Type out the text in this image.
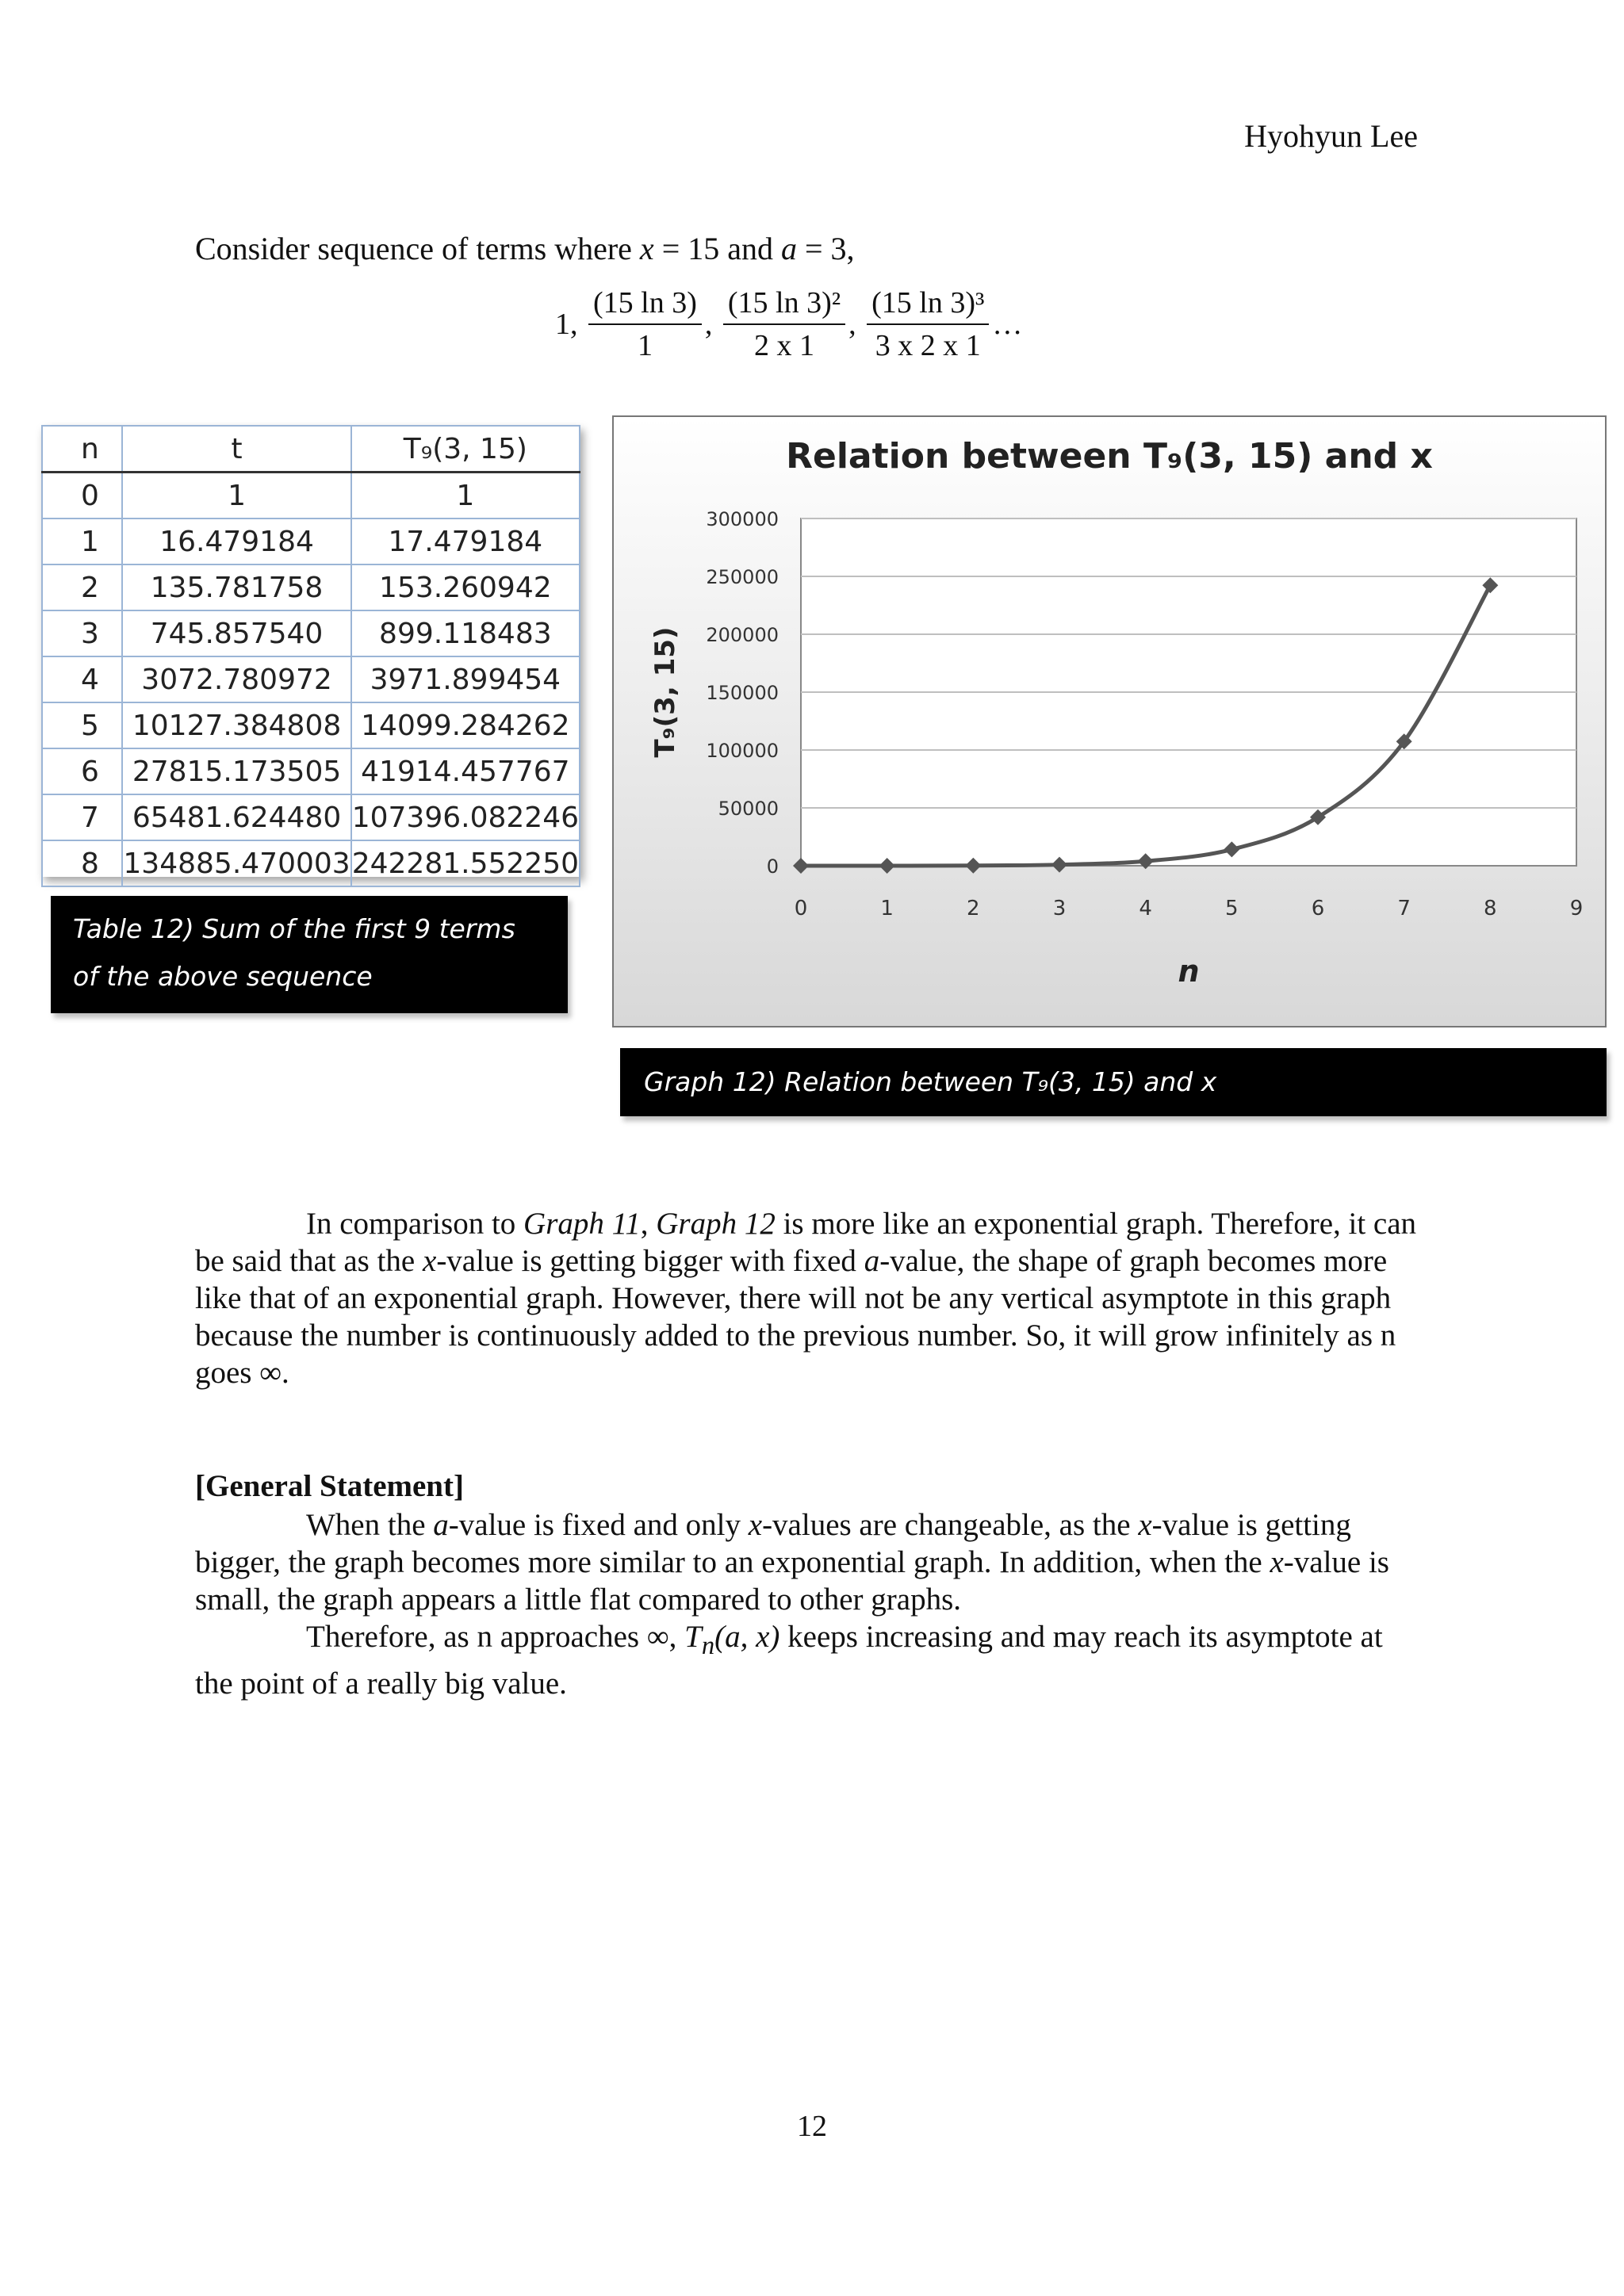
Hyohyun Lee
Consider sequence of terms where x = 15 and a = 3,
1, $\frac{(15 \ln 3)}{1}$ , $\frac{\text{(15 ln 3)²}}{2 x 1}$ , $\frac{\text{(15 ln 3)³}}{3 x 2 x 1}$ …
n	t	T₉(3, 15)
0	1	1
1	16.479184	17.479184
2	135.781758	153.260942
3	745.857540	899.118483
4	3072.780972	3971.899454
5	10127.384808	14099.284262
6	27815.173505	41914.457767
7	65481.624480	107396.082246
8	134885.470003	242281.552250
Table 12) Sum of the first 9 terms of the above sequence
Relation between T₉(3, 15) and x
0
50000
100000
150000
200000
250000
300000
0	1	2	3	4	5	6	7	8	9
n
T₉(3, 15)
Graph 12) Relation between T₉(3, 15) and x
In comparison to Graph 11, Graph 12 is more like an exponential graph. Therefore, it can be said that as the x-value is getting bigger with fixed a-value, the shape of graph becomes more like that of an exponential graph. However, there will not be any vertical asymptote in this graph because the number is continuously added to the previous number. So, it will grow infinitely as n goes ∞.
[General Statement]
When the a-value is fixed and only x-values are changeable, as the x-value is getting bigger, the graph becomes more similar to an exponential graph. In addition, when the x-value is small, the graph appears a little flat compared to other graphs.
Therefore, as n approaches ∞, $T_n(a$, x) keeps increasing and may reach its asymptote at the point of a really big value.
12
